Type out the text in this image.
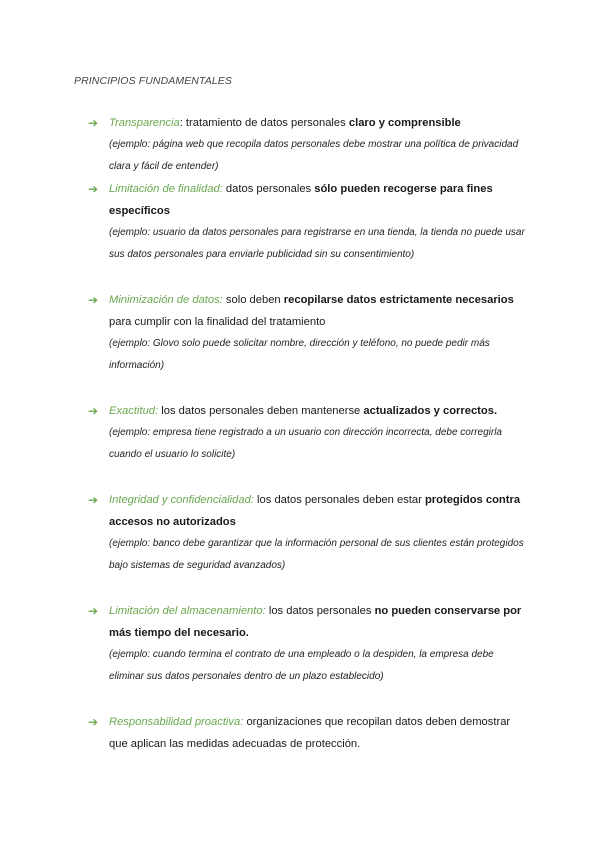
PRINCIPIOS FUNDAMENTALES
➔ Transparencia: tratamiento de datos personales claro y comprensible
(ejemplo: página web que recopila datos personales debe mostrar una política de privacidad clara y fácil de entender)
➔ Limitación de finalidad: datos personales sólo pueden recogerse para fines específicos
(ejemplo: usuario da datos personales para registrarse en una tienda, la tienda no puede usar sus datos personales para enviarle publicidad sin su consentimiento)
➔ Minimización de datos: solo deben recopilarse datos estrictamente necesarios para cumplir con la finalidad del tratamiento
(ejemplo: Glovo solo puede solicitar nombre, dirección y teléfono, no puede pedir más información)
➔ Exactitud: los datos personales deben mantenerse actualizados y correctos.
(ejemplo: empresa tiene registrado a un usuario con dirección incorrecta, debe corregirla cuando el usuario lo solicite)
➔ Integridad y confidencialidad: los datos personales deben estar protegidos contra accesos no autorizados
(ejemplo: banco debe garantizar que la información personal de sus clientes están protegidos bajo sistemas de seguridad avanzados)
➔ Limitación del almacenamiento: los datos personales no pueden conservarse por más tiempo del necesario.
(ejemplo: cuando termina el contrato de una empleado o la despiden, la empresa debe eliminar sus datos personales dentro de un plazo establecido)
➔ Responsabilidad proactiva: organizaciones que recopilan datos deben demostrar que aplican las medidas adecuadas de protección.
